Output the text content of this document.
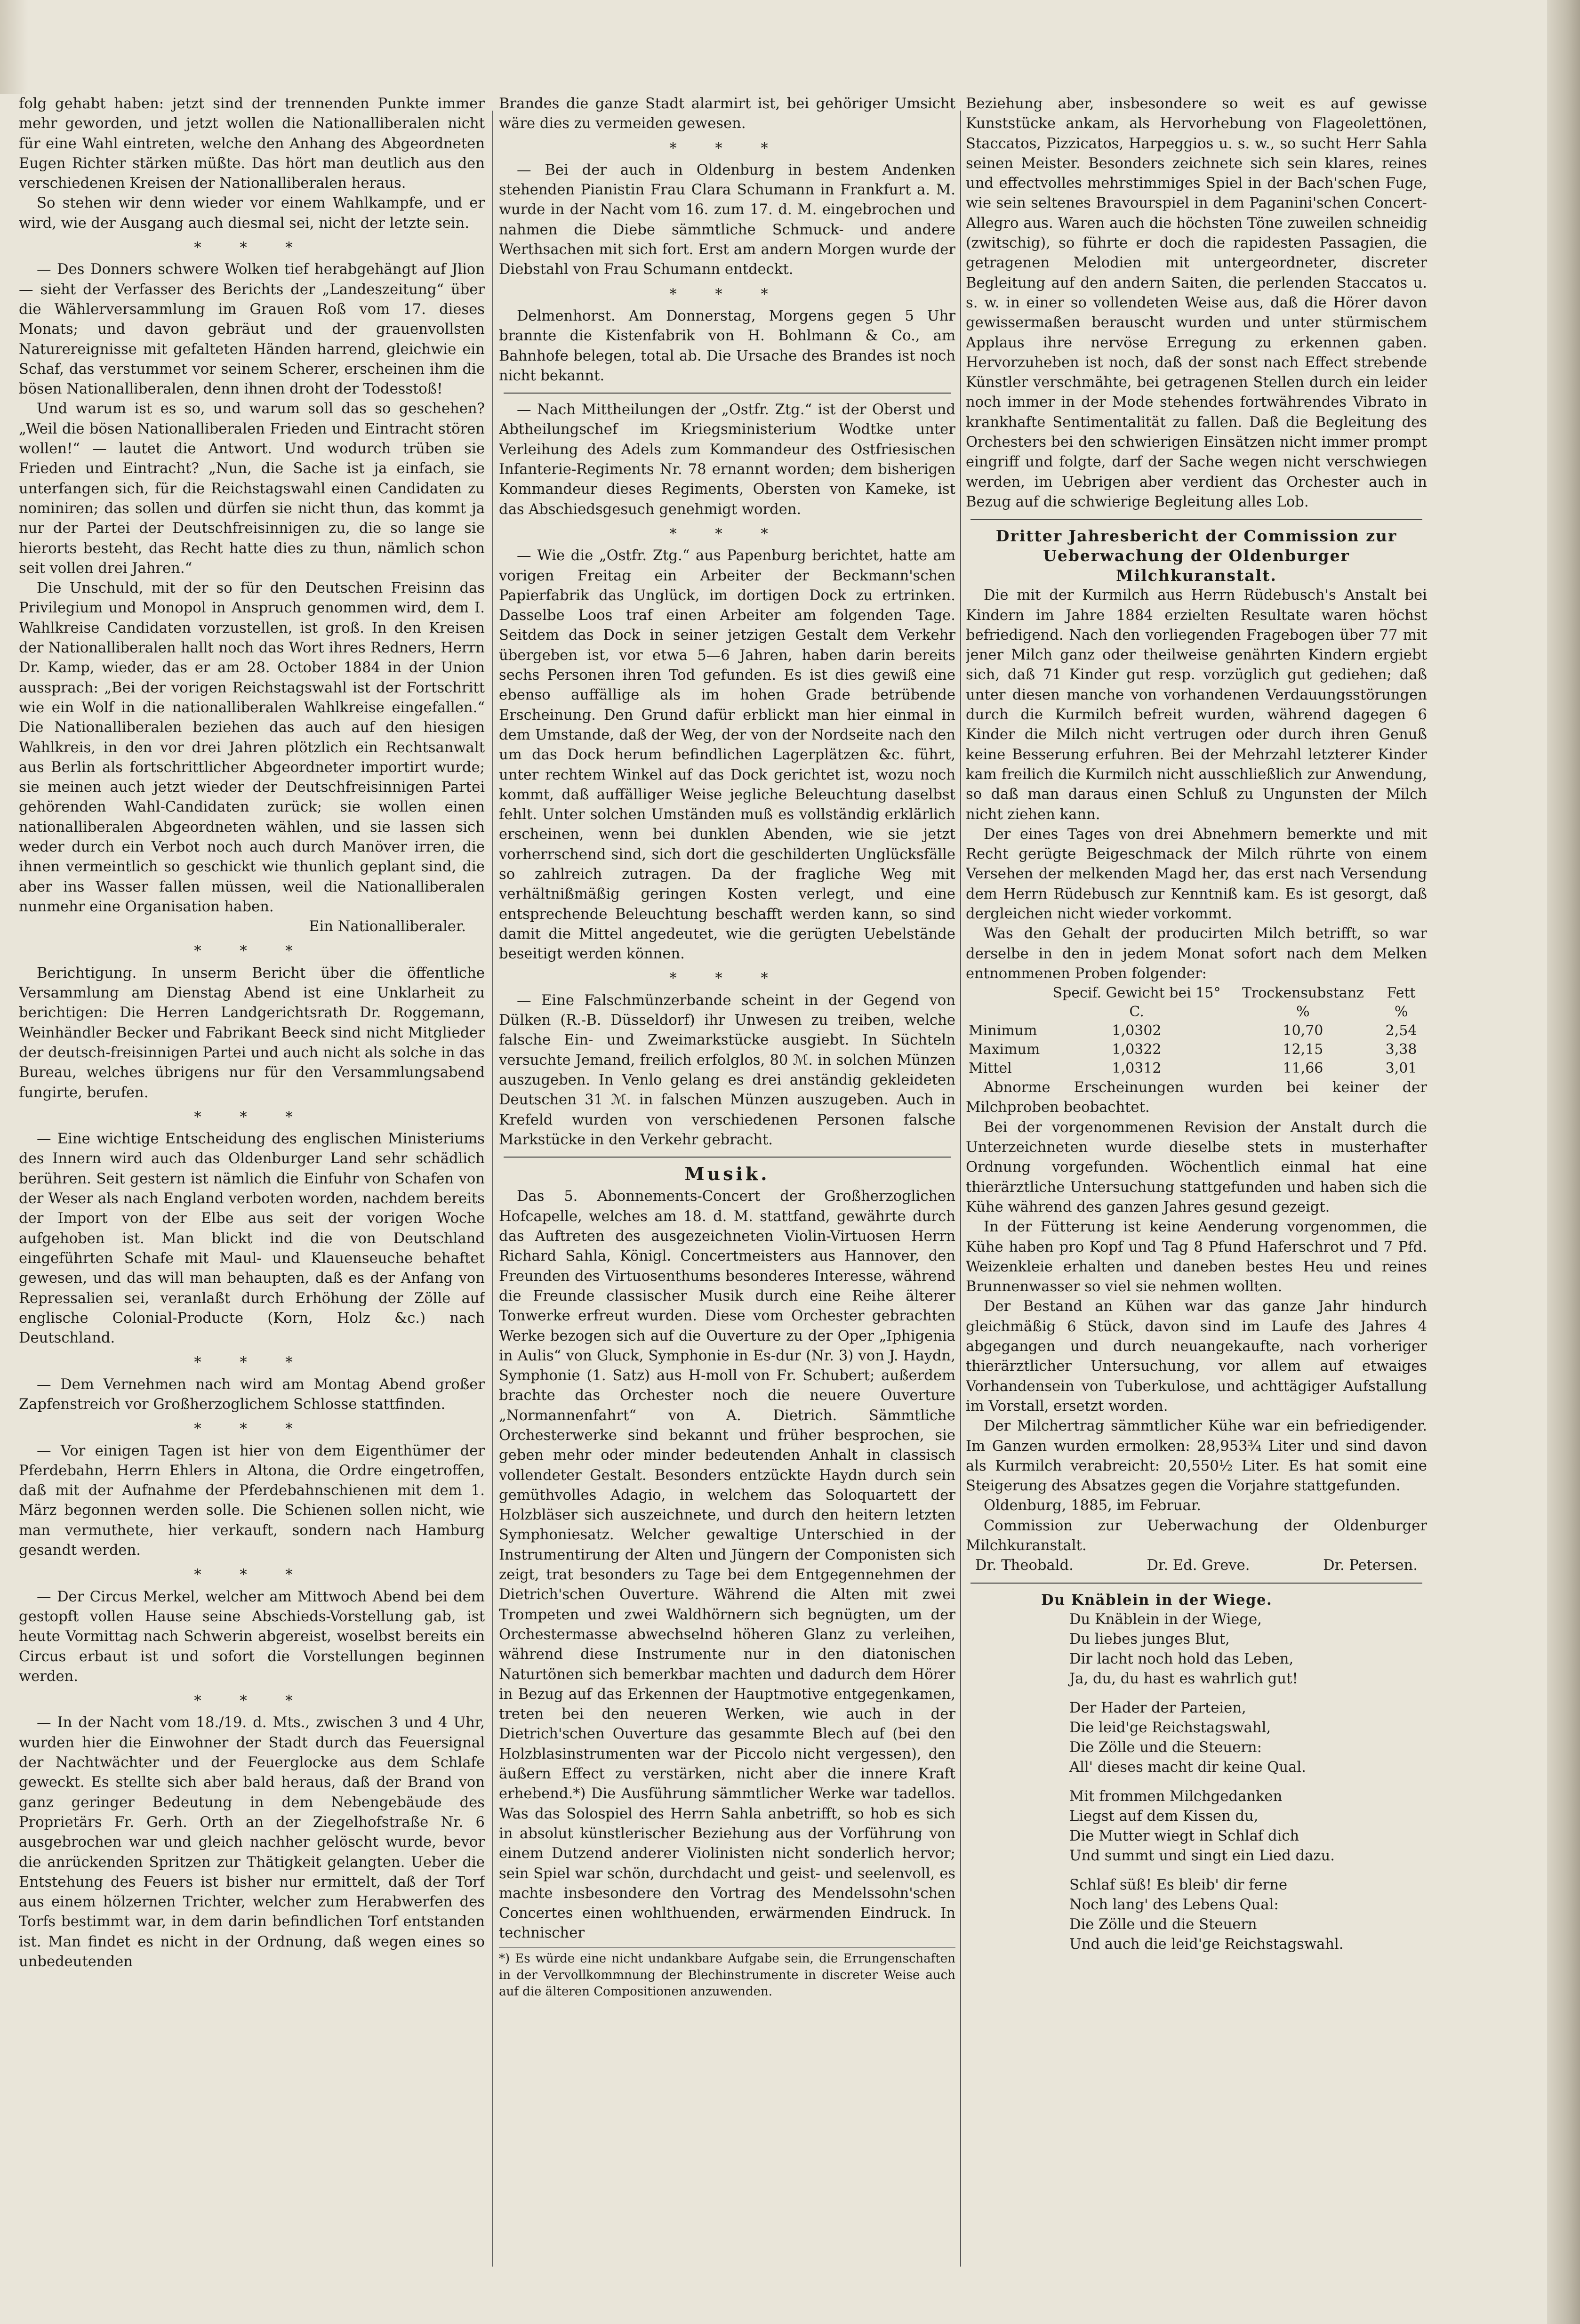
folg gehabt haben: jetzt sind der trennenden Punkte immer mehr geworden, und jetzt wollen die Nationalliberalen nicht für eine Wahl eintreten, welche den Anhang des Abgeordneten Eugen Richter stärken müßte. Das hört man deutlich aus den verschiedenen Kreisen der Nationalliberalen heraus.

So stehen wir denn wieder vor einem Wahlkampfe, und er wird, wie der Ausgang auch diesmal sei, nicht der letzte sein.

* * *

— Des Donners schwere Wolken tief herabgehängt auf Jlion — sieht der Verfasser des Berichts der „Landeszeitung“ über die Wählerversammlung im Grauen Roß vom 17. dieses Monats; und davon gebräut und der grauenvollsten Naturereignisse mit gefalteten Händen harrend, gleichwie ein Schaf, das verstummet vor seinem Scherer, erscheinen ihm die bösen Nationalliberalen, denn ihnen droht der Todesstoß!

Und warum ist es so, und warum soll das so geschehen? „Weil die bösen Nationalliberalen Frieden und Eintracht stören wollen!“ — lautet die Antwort. Und wodurch trüben sie Frieden und Eintracht? „Nun, die Sache ist ja einfach, sie unterfangen sich, für die Reichstagswahl einen Candidaten zu nominiren; das sollen und dürfen sie nicht thun, das kommt ja nur der Partei der Deutschfreisinnigen zu, die so lange sie hierorts besteht, das Recht hatte dies zu thun, nämlich schon seit vollen drei Jahren.“

Die Unschuld, mit der so für den Deutschen Freisinn das Privilegium und Monopol in Anspruch genommen wird, dem I. Wahlkreise Candidaten vorzustellen, ist groß. In den Kreisen der Nationalliberalen hallt noch das Wort ihres Redners, Herrn Dr. Kamp, wieder, das er am 28. October 1884 in der Union aussprach: „Bei der vorigen Reichstagswahl ist der Fortschritt wie ein Wolf in die nationalliberalen Wahlkreise eingefallen.“ Die Nationalliberalen beziehen das auch auf den hiesigen Wahlkreis, in den vor drei Jahren plötzlich ein Rechtsanwalt aus Berlin als fortschrittlicher Abgeordneter importirt wurde; sie meinen auch jetzt wieder der Deutschfreisinnigen Partei gehörenden Wahl-Candidaten zurück; sie wollen einen nationalliberalen Abgeordneten wählen, und sie lassen sich weder durch ein Verbot noch auch durch Manöver irren, die ihnen vermeintlich so geschickt wie thunlich geplant sind, die aber ins Wasser fallen müssen, weil die Nationalliberalen nunmehr eine Organisation haben.

Ein Nationalliberaler.

* * *

Berichtigung. In unserm Bericht über die öffentliche Versammlung am Dienstag Abend ist eine Unklarheit zu berichtigen: Die Herren Landgerichtsrath Dr. Roggemann, Weinhändler Becker und Fabrikant Beeck sind nicht Mitglieder der deutsch-freisinnigen Partei und auch nicht als solche in das Bureau, welches übrigens nur für den Versammlungsabend fungirte, berufen.

* * *

— Eine wichtige Entscheidung des englischen Ministeriums des Innern wird auch das Oldenburger Land sehr schädlich berühren. Seit gestern ist nämlich die Einfuhr von Schafen von der Weser als nach England verboten worden, nachdem bereits der Import von der Elbe aus seit der vorigen Woche aufgehoben ist. Man blickt ind die von Deutschland eingeführten Schafe mit Maul- und Klauenseuche behaftet gewesen, und das will man behaupten, daß es der Anfang von Repressalien sei, veranlaßt durch Erhöhung der Zölle auf englische Colonial-Producte (Korn, Holz &c.) nach Deutschland.

* * *

— Dem Vernehmen nach wird am Montag Abend großer Zapfenstreich vor Großherzoglichem Schlosse stattfinden.

* * *

— Vor einigen Tagen ist hier von dem Eigenthümer der Pferdebahn, Herrn Ehlers in Altona, die Ordre eingetroffen, daß mit der Aufnahme der Pferdebahnschienen mit dem 1. März begonnen werden solle. Die Schienen sollen nicht, wie man vermuthete, hier verkauft, sondern nach Hamburg gesandt werden.

* * *

— Der Circus Merkel, welcher am Mittwoch Abend bei dem gestopft vollen Hause seine Abschieds-Vorstellung gab, ist heute Vormittag nach Schwerin abgereist, woselbst bereits ein Circus erbaut ist und sofort die Vorstellungen beginnen werden.

* * *

— In der Nacht vom 18./19. d. Mts., zwischen 3 und 4 Uhr, wurden hier die Einwohner der Stadt durch das Feuersignal der Nachtwächter und der Feuerglocke aus dem Schlafe geweckt. Es stellte sich aber bald heraus, daß der Brand von ganz geringer Bedeutung in dem Nebengebäude des Proprietärs Fr. Gerh. Orth an der Ziegelhofstraße Nr. 6 ausgebrochen war und gleich nachher gelöscht wurde, bevor die anrückenden Spritzen zur Thätigkeit gelangten. Ueber die Entstehung des Feuers ist bisher nur ermittelt, daß der Torf aus einem hölzernen Trichter, welcher zum Herabwerfen des Torfs bestimmt war, in dem darin befindlichen Torf entstanden ist. Man findet es nicht in der Ordnung, daß wegen eines so unbedeutenden

Brandes die ganze Stadt alarmirt ist, bei gehöriger Umsicht wäre dies zu vermeiden gewesen.

* * *

— Bei der auch in Oldenburg in bestem Andenken stehenden Pianistin Frau Clara Schumann in Frankfurt a. M. wurde in der Nacht vom 16. zum 17. d. M. eingebrochen und nahmen die Diebe sämmtliche Schmuck- und andere Werthsachen mit sich fort. Erst am andern Morgen wurde der Diebstahl von Frau Schumann entdeckt.

* * *

Delmenhorst. Am Donnerstag, Morgens gegen 5 Uhr brannte die Kistenfabrik von H. Bohlmann & Co., am Bahnhofe belegen, total ab. Die Ursache des Brandes ist noch nicht bekannt.

— Nach Mittheilungen der „Ostfr. Ztg.“ ist der Oberst und Abtheilungschef im Kriegsministerium Wodtke unter Verleihung des Adels zum Kommandeur des Ostfriesischen Infanterie-Regiments Nr. 78 ernannt worden; dem bisherigen Kommandeur dieses Regiments, Obersten von Kameke, ist das Abschiedsgesuch genehmigt worden.

* * *

— Wie die „Ostfr. Ztg.“ aus Papenburg berichtet, hatte am vorigen Freitag ein Arbeiter der Beckmann'schen Papierfabrik das Unglück, im dortigen Dock zu ertrinken. Dasselbe Loos traf einen Arbeiter am folgenden Tage. Seitdem das Dock in seiner jetzigen Gestalt dem Verkehr übergeben ist, vor etwa 5—6 Jahren, haben darin bereits sechs Personen ihren Tod gefunden. Es ist dies gewiß eine ebenso auffällige als im hohen Grade betrübende Erscheinung. Den Grund dafür erblickt man hier einmal in dem Umstande, daß der Weg, der von der Nordseite nach den um das Dock herum befindlichen Lagerplätzen &c. führt, unter rechtem Winkel auf das Dock gerichtet ist, wozu noch kommt, daß auffälliger Weise jegliche Beleuchtung daselbst fehlt. Unter solchen Umständen muß es vollständig erklärlich erscheinen, wenn bei dunklen Abenden, wie sie jetzt vorherrschend sind, sich dort die geschilderten Unglücksfälle so zahlreich zutragen. Da der fragliche Weg mit verhältnißmäßig geringen Kosten verlegt, und eine entsprechende Beleuchtung beschafft werden kann, so sind damit die Mittel angedeutet, wie die gerügten Uebelstände beseitigt werden können.

* * *

— Eine Falschmünzerbande scheint in der Gegend von Dülken (R.-B. Düsseldorf) ihr Unwesen zu treiben, welche falsche Ein- und Zweimarkstücke ausgiebt. In Süchteln versuchte Jemand, freilich erfolglos, 80 ℳ. in solchen Münzen auszugeben. In Venlo gelang es drei anständig gekleideten Deutschen 31 ℳ. in falschen Münzen auszugeben. Auch in Krefeld wurden von verschiedenen Personen falsche Markstücke in den Verkehr gebracht.

Musik.

Das 5. Abonnements-Concert der Großherzoglichen Hofcapelle, welches am 18. d. M. stattfand, gewährte durch das Auftreten des ausgezeichneten Violin-Virtuosen Herrn Richard Sahla, Königl. Concertmeisters aus Hannover, den Freunden des Virtuosenthums besonderes Interesse, während die Freunde classischer Musik durch eine Reihe älterer Tonwerke erfreut wurden. Diese vom Orchester gebrachten Werke bezogen sich auf die Ouverture zu der Oper „Iphigenia in Aulis“ von Gluck, Symphonie in Es-dur (Nr. 3) von J. Haydn, Symphonie (1. Satz) aus H-moll von Fr. Schubert; außerdem brachte das Orchester noch die neuere Ouverture „Normannenfahrt“ von A. Dietrich. Sämmtliche Orchesterwerke sind bekannt und früher besprochen, sie geben mehr oder minder bedeutenden Anhalt in classisch vollendeter Gestalt. Besonders entzückte Haydn durch sein gemüthvolles Adagio, in welchem das Soloquartett der Holzbläser sich auszeichnete, und durch den heitern letzten Symphoniesatz. Welcher gewaltige Unterschied in der Instrumentirung der Alten und Jüngern der Componisten sich zeigt, trat besonders zu Tage bei dem Entgegennehmen der Dietrich'schen Ouverture. Während die Alten mit zwei Trompeten und zwei Waldhörnern sich begnügten, um der Orchestermasse abwechselnd höheren Glanz zu verleihen, während diese Instrumente nur in den diatonischen Naturtönen sich bemerkbar machten und dadurch dem Hörer in Bezug auf das Erkennen der Hauptmotive entgegenkamen, treten bei den neueren Werken, wie auch in der Dietrich'schen Ouverture das gesammte Blech auf (bei den Holzblasinstrumenten war der Piccolo nicht vergessen), den äußern Effect zu verstärken, nicht aber die innere Kraft erhebend.*) Die Ausführung sämmtlicher Werke war tadellos. Was das Solospiel des Herrn Sahla anbetrifft, so hob es sich in absolut künstlerischer Beziehung aus der Vorführung von einem Dutzend anderer Violinisten nicht sonderlich hervor; sein Spiel war schön, durchdacht und geist- und seelenvoll, es machte insbesondere den Vortrag des Mendelssohn'schen Concertes einen wohlthuenden, erwärmenden Eindruck. In technischer

*) Es würde eine nicht undankbare Aufgabe sein, die Errungenschaften in der Vervollkommnung der Blechinstrumente in discreter Weise auch auf die älteren Compositionen anzuwenden.

Beziehung aber, insbesondere so weit es auf gewisse Kunststücke ankam, als Hervorhebung von Flageolettönen, Staccatos, Pizzicatos, Harpeggios u. s. w., so sucht Herr Sahla seinen Meister. Besonders zeichnete sich sein klares, reines und effectvolles mehrstimmiges Spiel in der Bach'schen Fuge, wie sein seltenes Bravourspiel in dem Paganini'schen Concert-Allegro aus. Waren auch die höchsten Töne zuweilen schneidig (zwitschig), so führte er doch die rapidesten Passagien, die getragenen Melodien mit untergeordneter, discreter Begleitung auf den andern Saiten, die perlenden Staccatos u. s. w. in einer so vollendeten Weise aus, daß die Hörer davon gewissermaßen berauscht wurden und unter stürmischem Applaus ihre nervöse Erregung zu erkennen gaben. Hervorzuheben ist noch, daß der sonst nach Effect strebende Künstler verschmähte, bei getragenen Stellen durch ein leider noch immer in der Mode stehendes fortwährendes Vibrato in krankhafte Sentimentalität zu fallen. Daß die Begleitung des Orchesters bei den schwierigen Einsätzen nicht immer prompt eingriff und folgte, darf der Sache wegen nicht verschwiegen werden, im Uebrigen aber verdient das Orchester auch in Bezug auf die schwierige Begleitung alles Lob.

Dritter Jahresbericht der Commission zur Ueberwachung der Oldenburger Milchkuranstalt.

Die mit der Kurmilch aus Herrn Rüdebusch's Anstalt bei Kindern im Jahre 1884 erzielten Resultate waren höchst befriedigend. Nach den vorliegenden Fragebogen über 77 mit jener Milch ganz oder theilweise genährten Kindern ergiebt sich, daß 71 Kinder gut resp. vorzüglich gut gediehen; daß unter diesen manche von vorhandenen Verdauungsstörungen durch die Kurmilch befreit wurden, während dagegen 6 Kinder die Milch nicht vertrugen oder durch ihren Genuß keine Besserung erfuhren. Bei der Mehrzahl letzterer Kinder kam freilich die Kurmilch nicht ausschließlich zur Anwendung, so daß man daraus einen Schluß zu Ungunsten der Milch nicht ziehen kann.

Der eines Tages von drei Abnehmern bemerkte und mit Recht gerügte Beigeschmack der Milch rührte von einem Versehen der melkenden Magd her, das erst nach Versendung dem Herrn Rüdebusch zur Kenntniß kam. Es ist gesorgt, daß dergleichen nicht wieder vorkommt.

Was den Gehalt der producirten Milch betrifft, so war derselbe in den in jedem Monat sofort nach dem Melken entnommenen Proben folgender:

	Specif. Gewicht bei 15° C.	Trockensubstanz %	Fett %
Minimum	1,0302	10,70	2,54
Maximum	1,0322	12,15	3,38
Mittel	1,0312	11,66	3,01

Abnorme Erscheinungen wurden bei keiner der Milchproben beobachtet.

Bei der vorgenommenen Revision der Anstalt durch die Unterzeichneten wurde dieselbe stets in musterhafter Ordnung vorgefunden. Wöchentlich einmal hat eine thierärztliche Untersuchung stattgefunden und haben sich die Kühe während des ganzen Jahres gesund gezeigt.

In der Fütterung ist keine Aenderung vorgenommen, die Kühe haben pro Kopf und Tag 8 Pfund Haferschrot und 7 Pfd. Weizenkleie erhalten und daneben bestes Heu und reines Brunnenwasser so viel sie nehmen wollten.

Der Bestand an Kühen war das ganze Jahr hindurch gleichmäßig 6 Stück, davon sind im Laufe des Jahres 4 abgegangen und durch neuangekaufte, nach vorheriger thierärztlicher Untersuchung, vor allem auf etwaiges Vorhandensein von Tuberkulose, und achttägiger Aufstallung im Vorstall, ersetzt worden.

Der Milchertrag sämmtlicher Kühe war ein befriedigender. Im Ganzen wurden ermolken: 28,953¾ Liter und sind davon als Kurmilch verabreicht: 20,550½ Liter. Es hat somit eine Steigerung des Absatzes gegen die Vorjahre stattgefunden.

Oldenburg, 1885, im Februar.

Commission zur Ueberwachung der Oldenburger Milchkuranstalt.

Dr. Theobald.	Dr. Ed. Greve.	Dr. Petersen.
Du Knäblein in der Wiege.
Du Knäblein in der Wiege,
Du liebes junges Blut,
Dir lacht noch hold das Leben,
Ja, du, du hast es wahrlich gut!
Der Hader der Parteien,
Die leid'ge Reichstagswahl,
Die Zölle und die Steuern:
All' dieses macht dir keine Qual.
Mit frommen Milchgedanken
Liegst auf dem Kissen du,
Die Mutter wiegt in Schlaf dich
Und summt und singt ein Lied dazu.
Schlaf süß! Es bleib' dir ferne
Noch lang' des Lebens Qual:
Die Zölle und die Steuern
Und auch die leid'ge Reichstagswahl.
